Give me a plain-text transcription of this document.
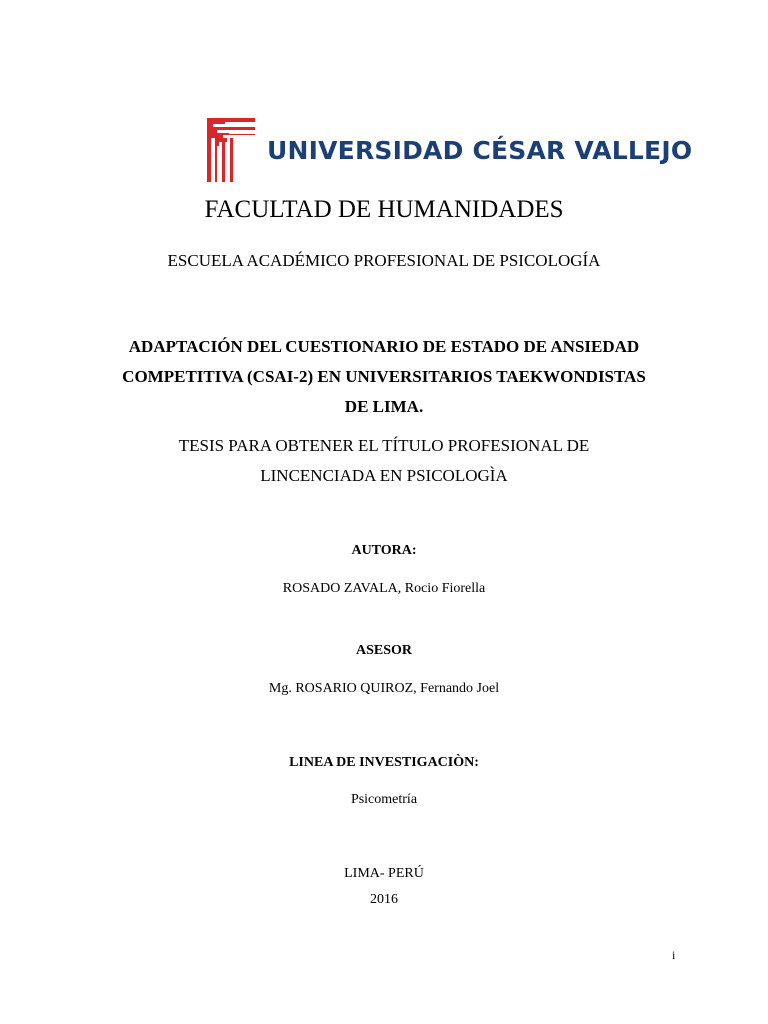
UNIVERSIDAD CÉSAR VALLEJO
FACULTAD DE HUMANIDADES
ESCUELA ACADÉMICO PROFESIONAL DE PSICOLOGÍA
ADAPTACIÓN DEL CUESTIONARIO DE ESTADO DE ANSIEDAD
COMPETITIVA (CSAI-2) EN UNIVERSITARIOS TAEKWONDISTAS
DE LIMA.
TESIS PARA OBTENER EL TÍTULO PROFESIONAL DE
LINCENCIADA EN PSICOLOGÌA
AUTORA:
ROSADO ZAVALA, Rocio Fiorella
ASESOR
Mg. ROSARIO QUIROZ, Fernando Joel
LINEA DE INVESTIGACIÒN:
Psicometría
LIMA- PERÚ
2016
i
